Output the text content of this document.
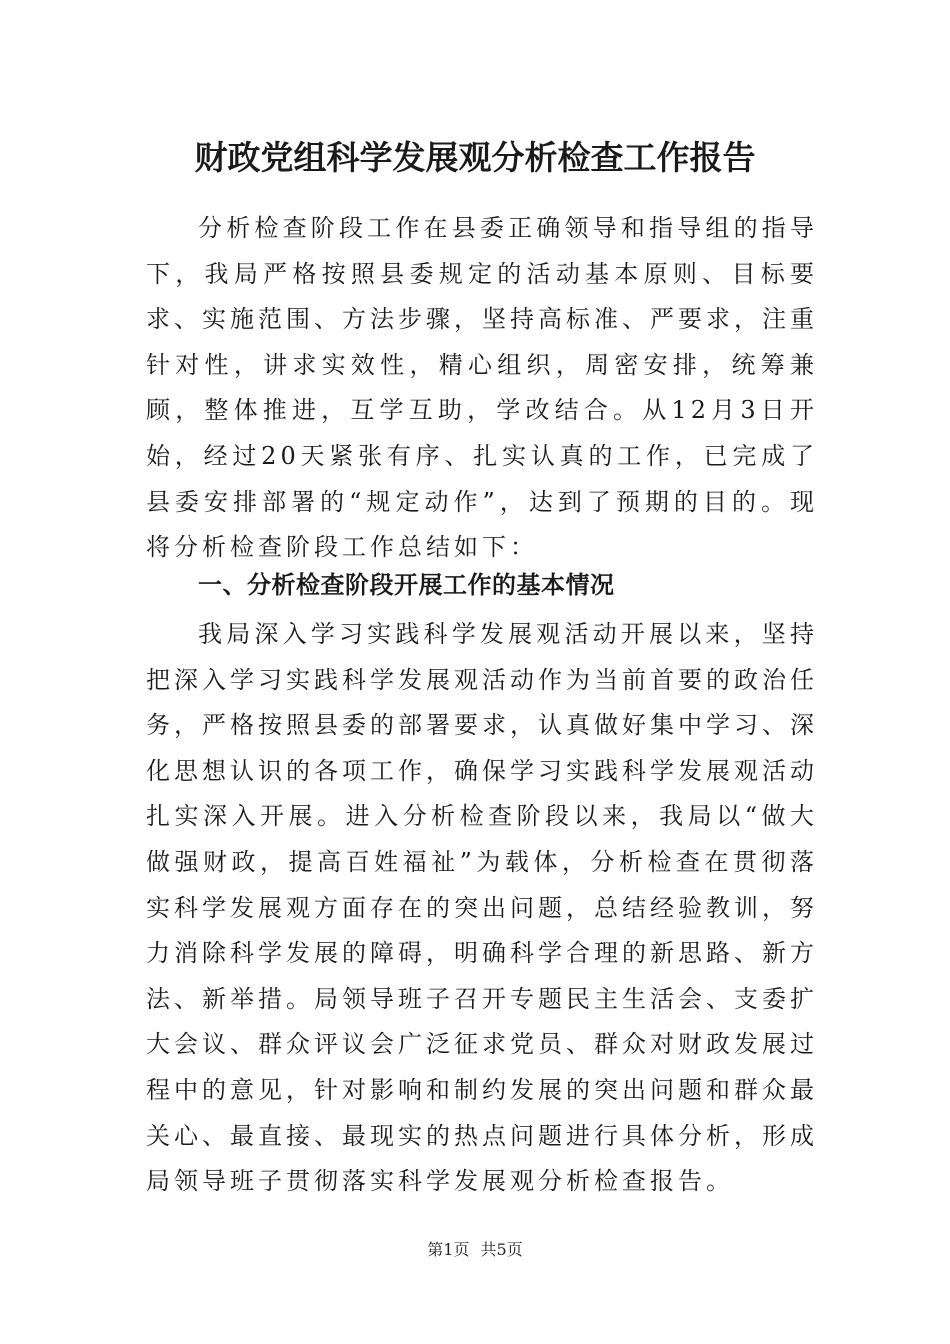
财政党组科学发展观分析检查工作报告

分析检查阶段工作在县委正确领导和指导组的指导下，我局严格按照县委规定的活动基本原则、目标要求、实施范围、方法步骤，坚持高标准、严要求，注重针对性，讲求实效性，精心组织，周密安排，统筹兼顾，整体推进，互学互助，学改结合。从12月3日开始，经过20天紧张有序、扎实认真的工作，已完成了县委安排部署的“规定动作”，达到了预期的目的。现将分析检查阶段工作总结如下：

一、分析检查阶段开展工作的基本情况

我局深入学习实践科学发展观活动开展以来，坚持把深入学习实践科学发展观活动作为当前首要的政治任务，严格按照县委的部署要求，认真做好集中学习、深化思想认识的各项工作，确保学习实践科学发展观活动扎实深入开展。进入分析检查阶段以来，我局以“做大做强财政，提高百姓福祉”为载体，分析检查在贯彻落实科学发展观方面存在的突出问题，总结经验教训，努力消除科学发展的障碍，明确科学合理的新思路、新方法、新举措。局领导班子召开专题民主生活会、支委扩大会议、群众评议会广泛征求党员、群众对财政发展过程中的意见，针对影响和制约发展的突出问题和群众最关心、最直接、最现实的热点问题进行具体分析，形成局领导班子贯彻落实科学发展观分析检查报告。

第1页 共5页
